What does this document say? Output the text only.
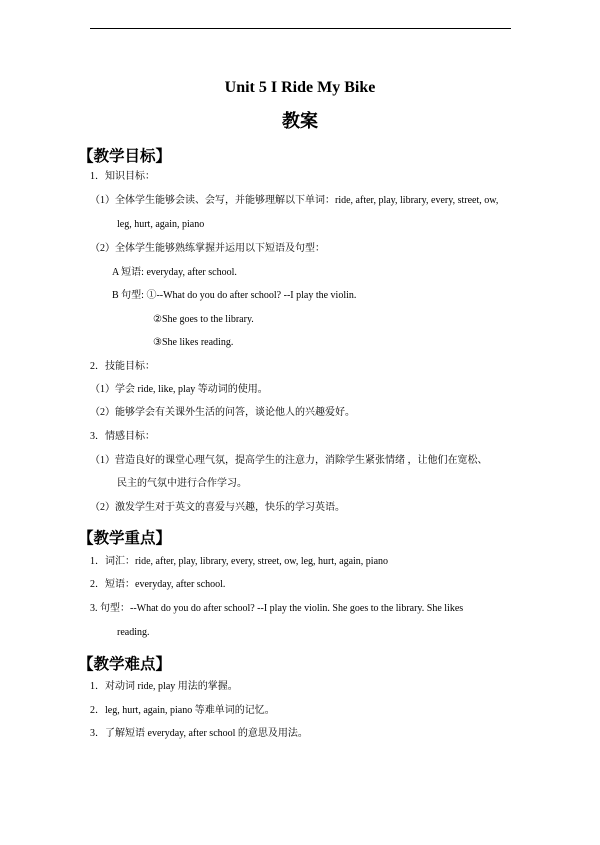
Unit 5 I Ride My Bike
教案
【教学目标】
1．知识目标：
（1）全体学生能够会读、会写，并能够理解以下单词：ride, after, play, library, every, street, ow,
leg, hurt, again, piano
（2）全体学生能够熟练掌握并运用以下短语及句型：
A 短语: everyday, after school.
B 句型: ①--What do you do after school? --I play the violin.
②She goes to the library.
③She likes reading.
2．技能目标：
（1）学会 ride, like, play 等动词的使用。
（2）能够学会有关课外生活的问答，谈论他人的兴趣爱好。
3．情感目标：
（1）营造良好的课堂心理气氛，提高学生的注意力，消除学生紧张情绪 ，让他们在宽松、
民主的气氛中进行合作学习。
（2）激发学生对于英文的喜爱与兴趣，快乐的学习英语。
【教学重点】
1．词汇：ride, after, play, library, every, street, ow, leg, hurt, again, piano
2．短语：everyday, after school.
3. 句型：--What do you do after school? --I play the violin. She goes to the library. She likes
reading.
【教学难点】
1．对动词 ride, play 用法的掌握。
2．leg, hurt, again, piano 等难单词的记忆。
3．了解短语 everyday, after school 的意思及用法。
